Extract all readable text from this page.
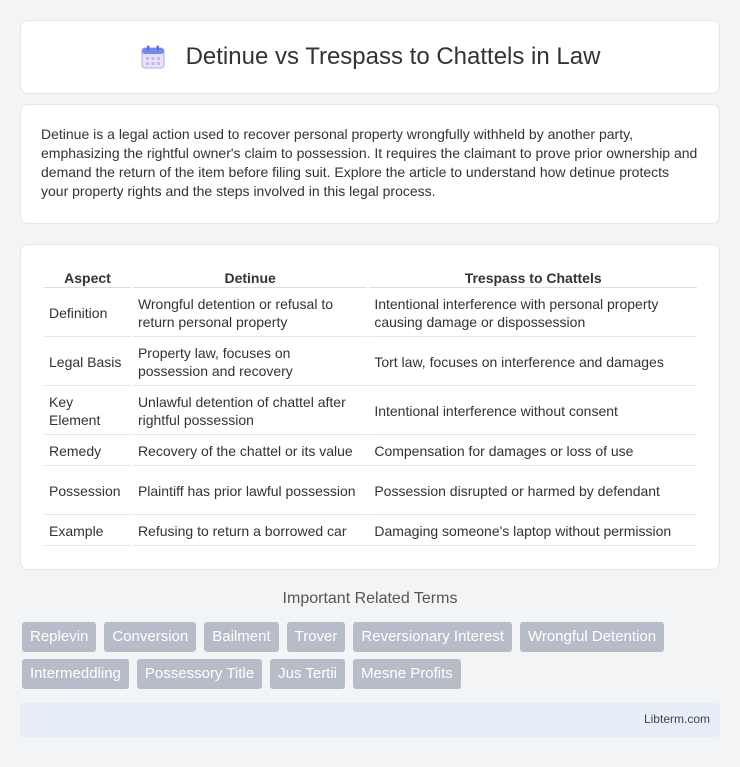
Detinue vs Trespass to Chattels in Law

Detinue is a legal action used to recover personal property wrongfully withheld by another party, emphasizing the rightful owner's claim to possession. It requires the claimant to prove prior ownership and demand the return of the item before filing suit. Explore the article to understand how detinue protects your property rights and the steps involved in this legal process.

Aspect	Detinue	Trespass to Chattels
Definition	Wrongful detention or refusal to return personal property	Intentional interference with personal property causing damage or dispossession
Legal Basis	Property law, focuses on possession and recovery	Tort law, focuses on interference and damages
Key Element	Unlawful detention of chattel after rightful possession	Intentional interference without consent
Remedy	Recovery of the chattel or its value	Compensation for damages or loss of use
Possession	Plaintiff has prior lawful possession	Possession disrupted or harmed by defendant
Example	Refusing to return a borrowed car	Damaging someone's laptop without permission
Important Related Terms
Replevin	Conversion	Bailment	Trover	Reversionary Interest	Wrongful Detention
Intermeddling	Possessory Title	Jus Tertii	Mesne Profits
Libterm.com
